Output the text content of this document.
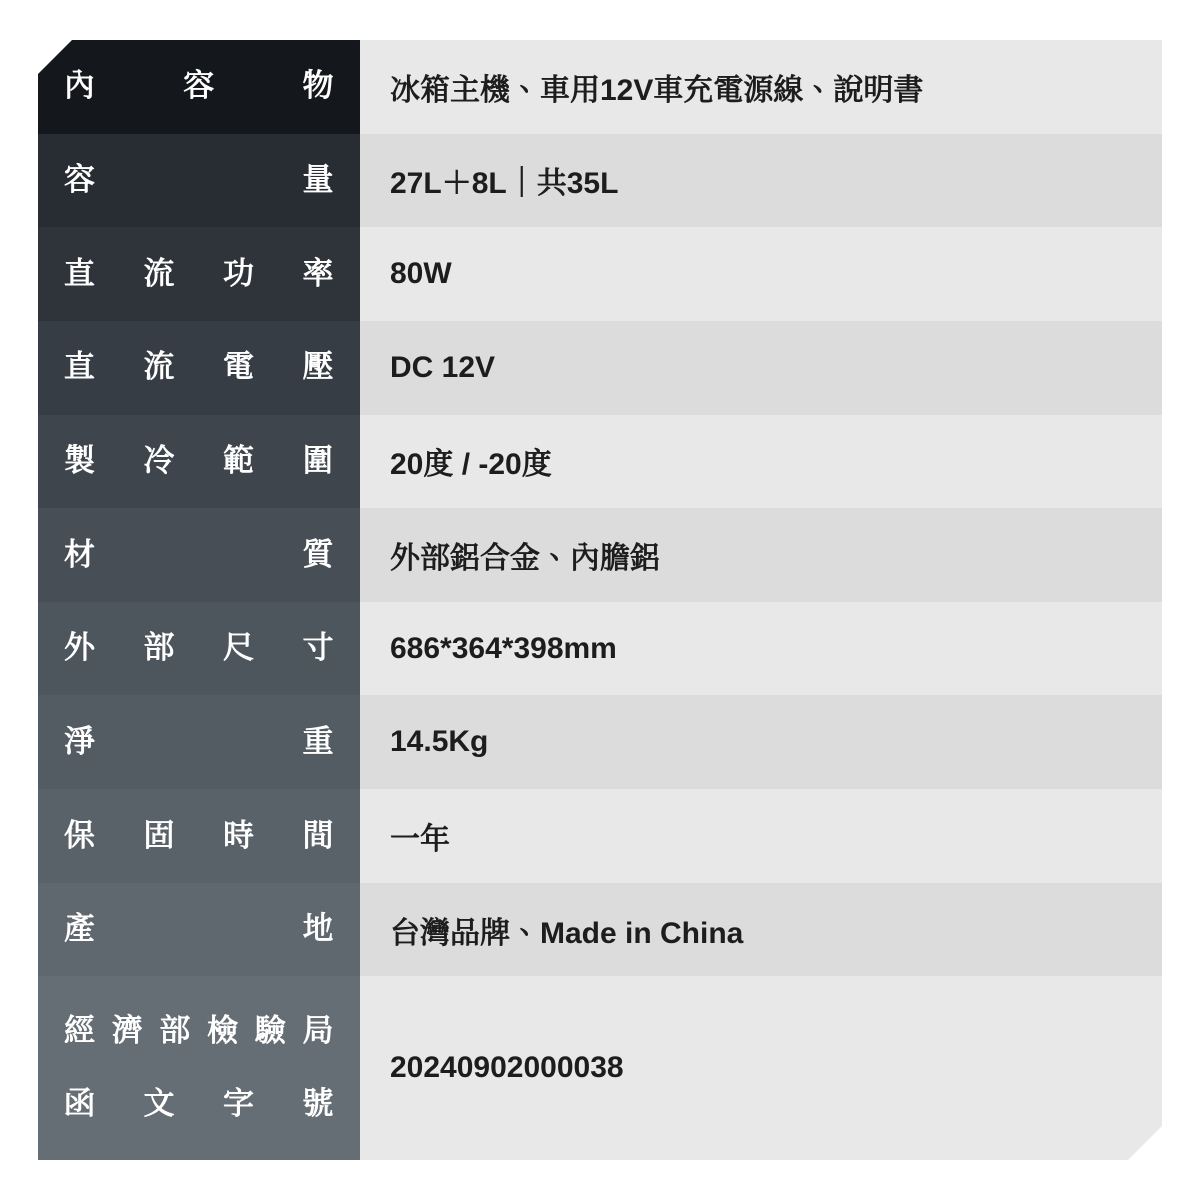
內 容 物	冰箱主機、車用12V車充電源線、說明書

容 量	27L＋8L｜共35L

直 流 功 率	80W

直 流 電 壓	DC 12V

製 冷 範 圍	20度 / -20度

材 質	外部鋁合金、內膽鋁

外 部 尺 寸	686*364*398mm

淨 重	14.5Kg

保 固 時 間	一年

產 地	台灣品牌、Made in China

經濟部檢驗局

函 文 字 號	20240902000038
